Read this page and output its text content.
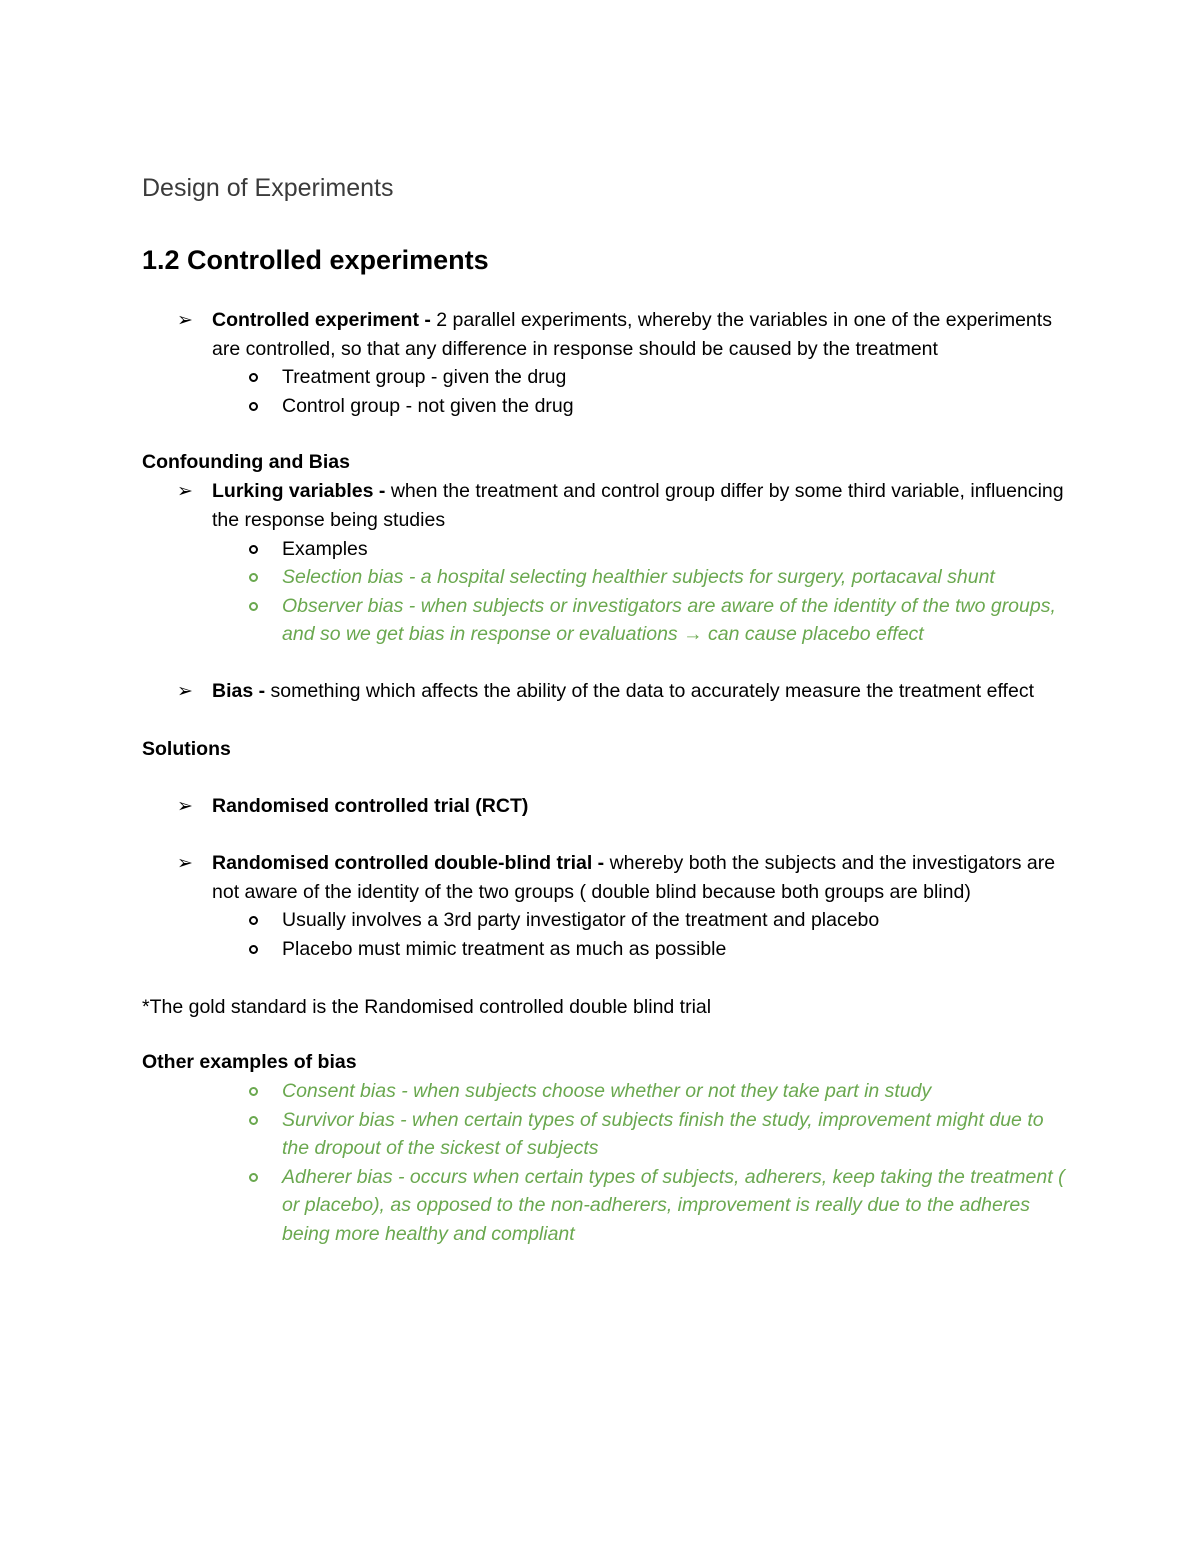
Design of Experiments
1.2 Controlled experiments
➢ Controlled experiment - 2 parallel experiments, whereby the variables in one of the experiments are controlled, so that any difference in response should be caused by the treatment
Treatment group - given the drug
Control group - not given the drug
Confounding and Bias
➢ Lurking variables - when the treatment and control group differ by some third variable, influencing the response being studies
Examples
Selection bias - a hospital selecting healthier subjects for surgery, portacaval shunt
Observer bias - when subjects or investigators are aware of the identity of the two groups, and so we get bias in response or evaluations → can cause placebo effect
➢ Bias - something which affects the ability of the data to accurately measure the treatment effect
Solutions
➢ Randomised controlled trial (RCT)
➢ Randomised controlled double-blind trial - whereby both the subjects and the investigators are not aware of the identity of the two groups ( double blind because both groups are blind)
Usually involves a 3rd party investigator of the treatment and placebo
Placebo must mimic treatment as much as possible
*The gold standard is the Randomised controlled double blind trial
Other examples of bias
Consent bias - when subjects choose whether or not they take part in study
Survivor bias - when certain types of subjects finish the study, improvement might due to the dropout of the sickest of subjects
Adherer bias - occurs when certain types of subjects, adherers, keep taking the treatment ( or placebo), as opposed to the non-adherers, improvement is really due to the adheres being more healthy and compliant
